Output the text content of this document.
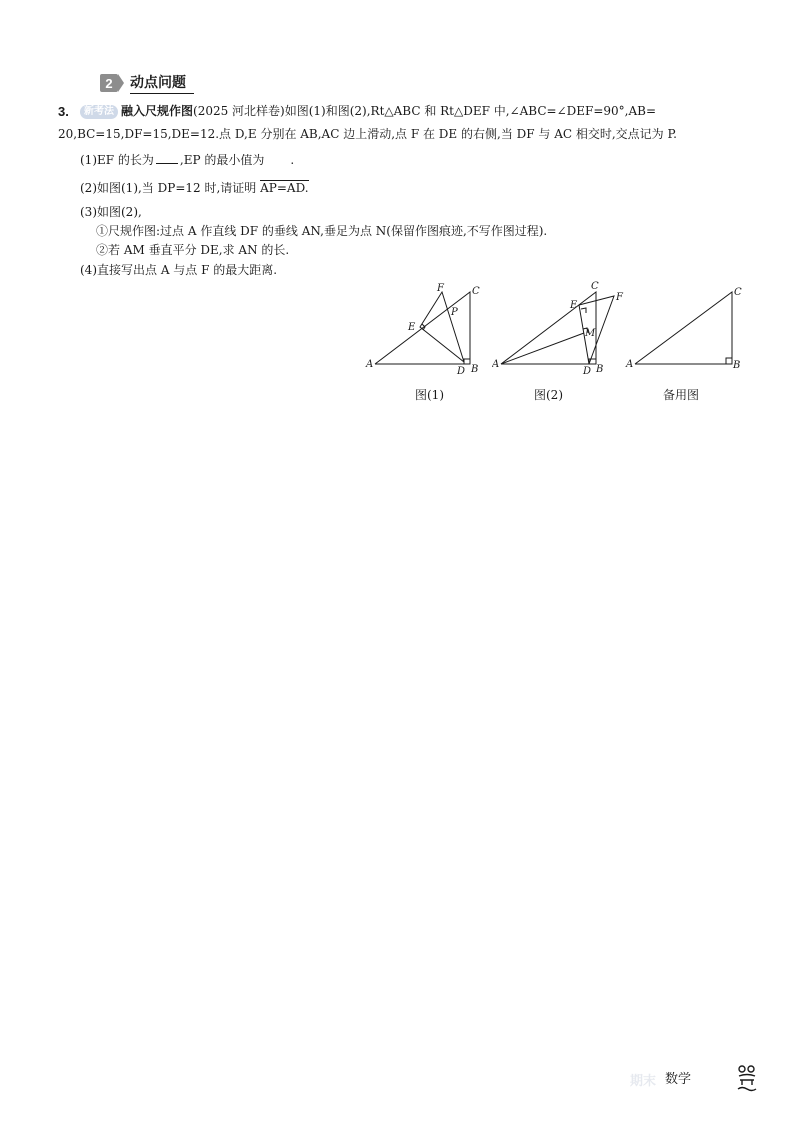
2	动点问题
3.	新考法 融入尺规作图(2025 河北样卷)如图(1)和图(2),Rt△ABC 和 Rt△DEF 中,∠ABC=∠DEF=90°,AB=
20,BC=15,DF=15,DE=12.点 D,E 分别在 AB,AC 边上滑动,点 F 在 DE 的右侧,当 DF 与 AC 相交时,交点记为 P.
(1)EF 的长为 ,EP 的最小值为 .
(2)如图(1),当 DP=12 时,请证明 AP=AD.
(3)如图(2),
①尺规作图:过点 A 作直线 DF 的垂线 AN,垂足为点 N(保留作图痕迹,不写作图过程).
②若 AM 垂直平分 DE,求 AN 的长.
(4)直接写出点 A 与点 F 的最大距离.
A	B
C
D
E
F
P
图(1)
A	B
C
D
E
F
M
图(2)
A	B
C
备用图
期末 数学
